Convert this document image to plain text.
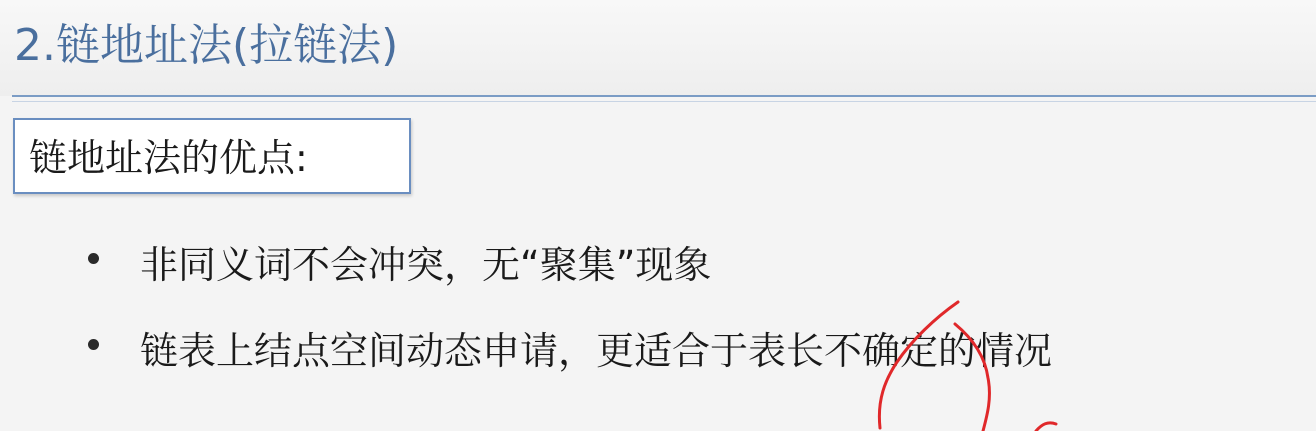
2.链地址法(拉链法)
链地址法的优点:
非同义词不会冲突，无“聚集”现象
链表上结点空间动态申请，更适合于表长不确定的情况
